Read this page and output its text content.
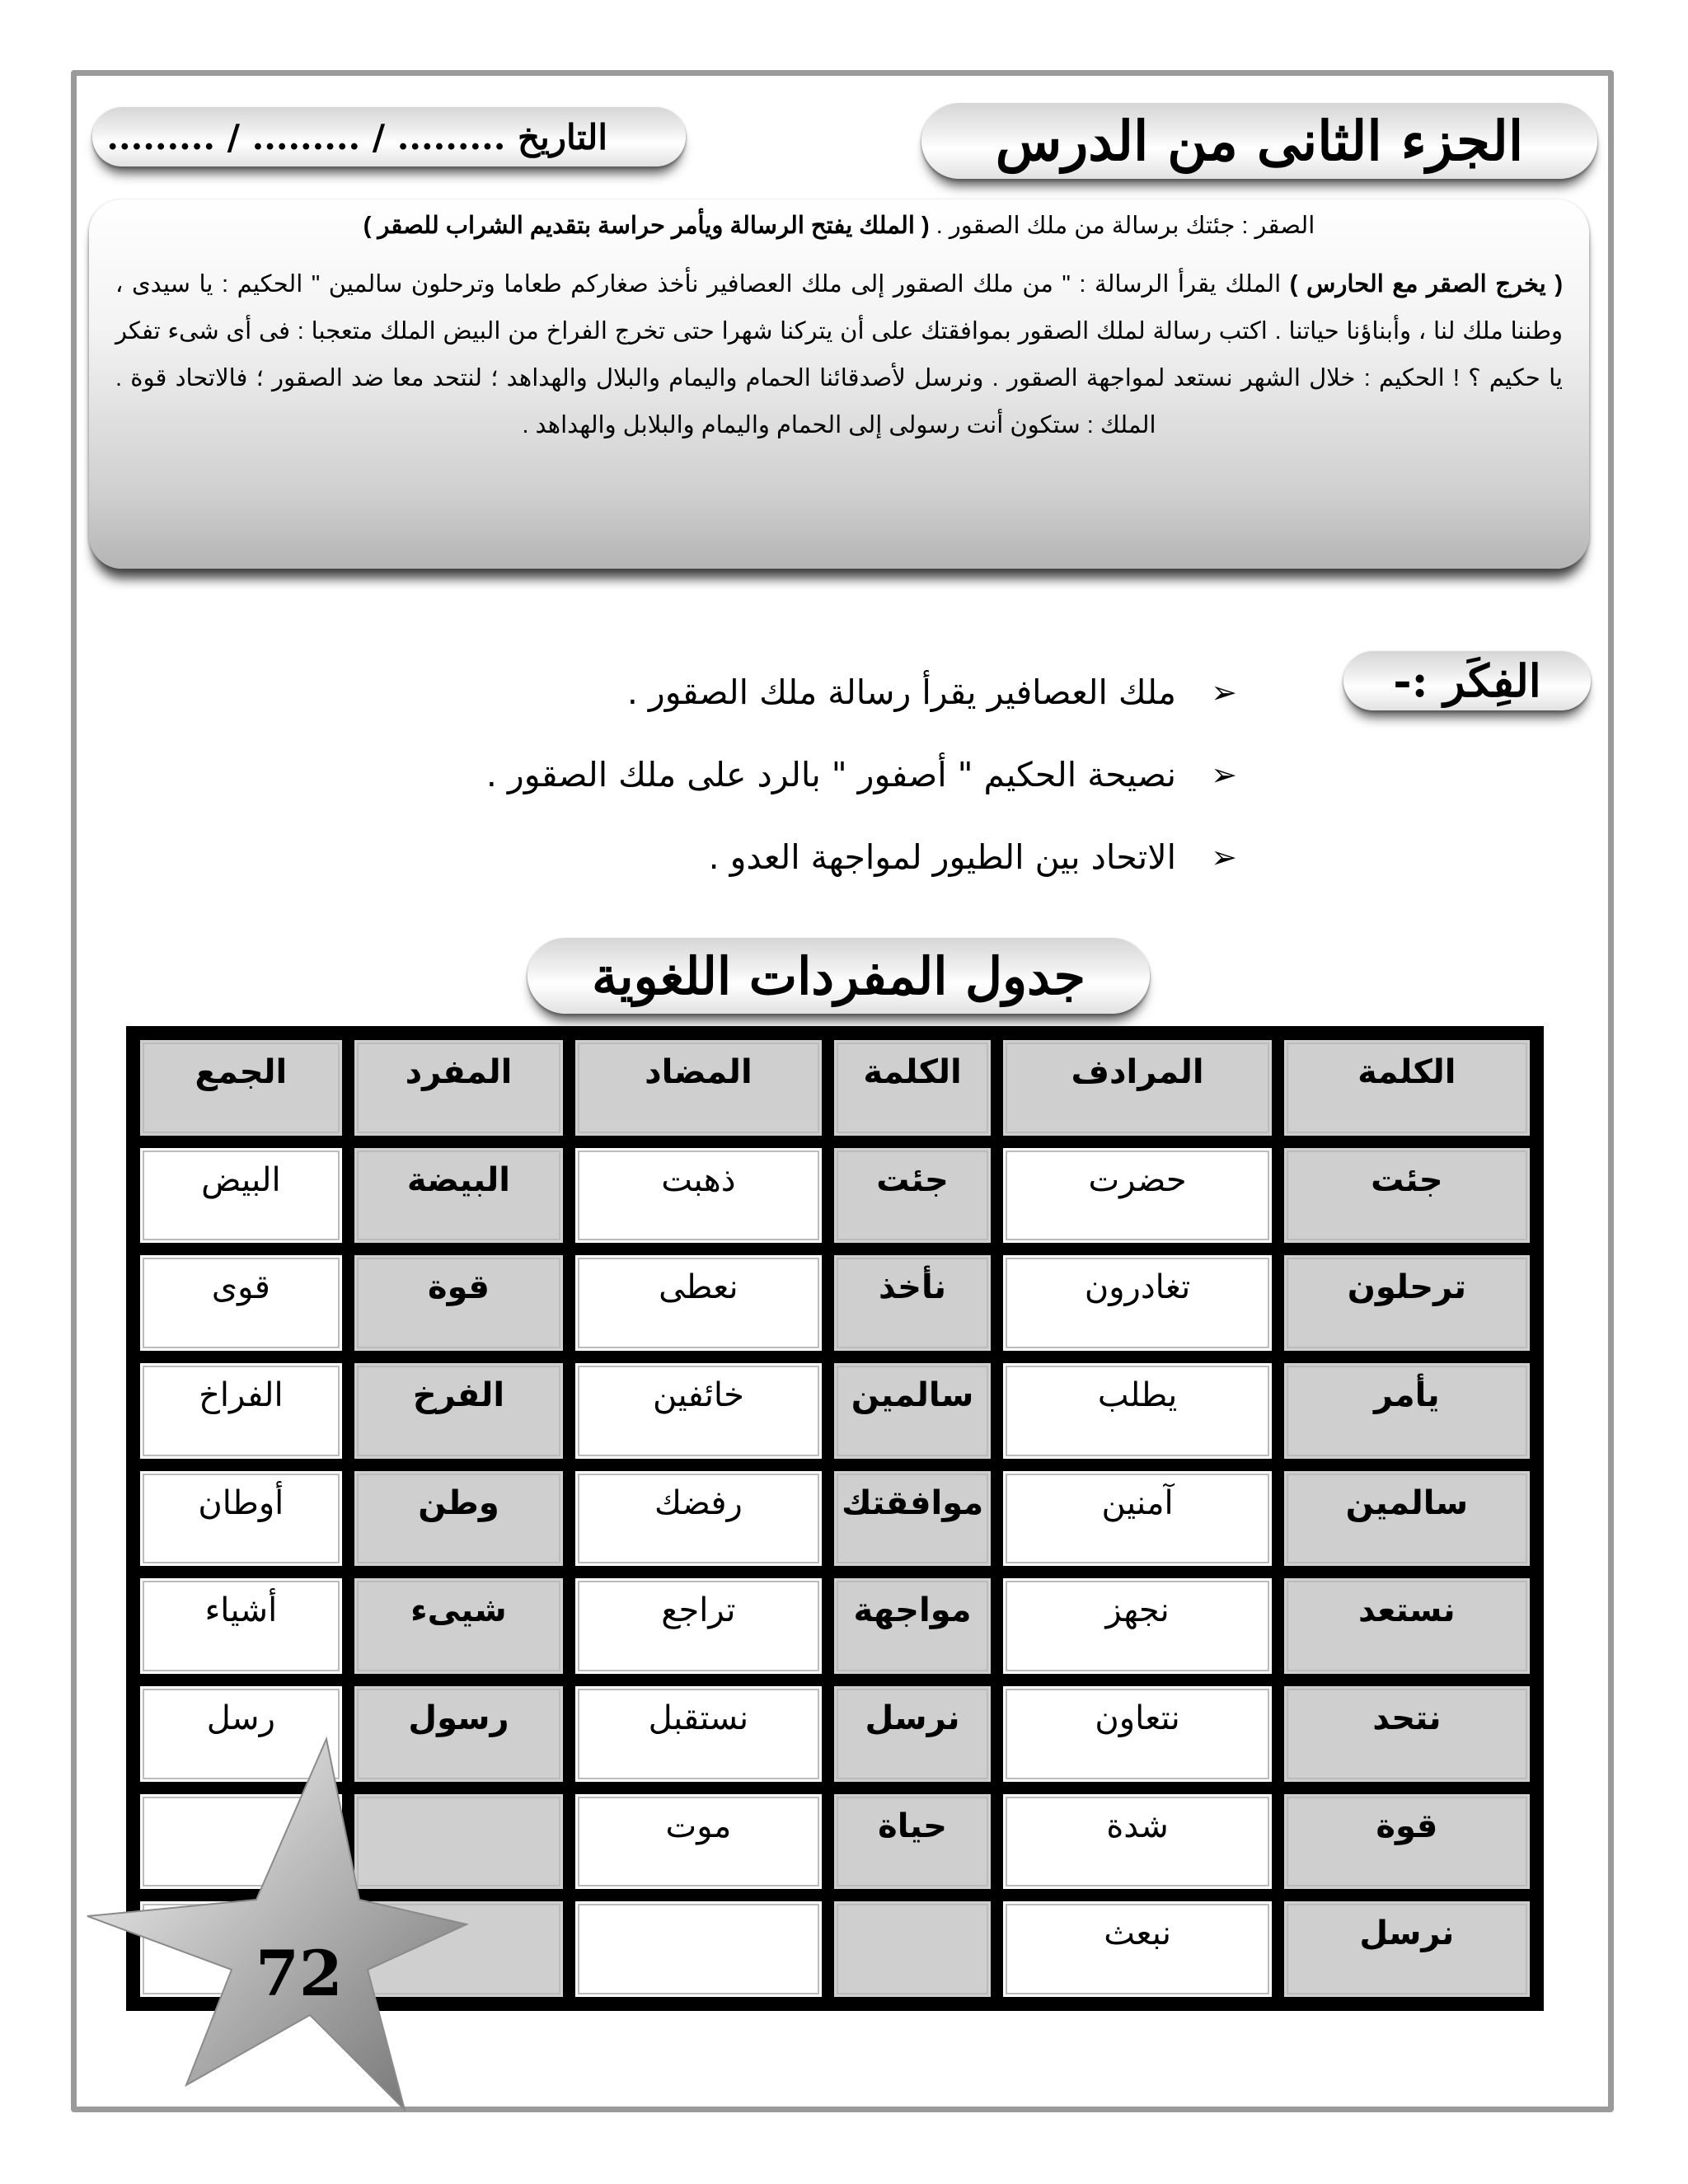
الجزء الثانى من الدرس
التاريخ ......... / ......... / .........

الصقر : جئتك برسالة من ملك الصقور . ( الملك يفتح الرسالة ويأمر حراسة بتقديم الشراب للصقر )

( يخرج الصقر مع الحارس ) الملك يقرأ الرسالة : " من ملك الصقور إلى ملك العصافير نأخذ صغاركم طعاما وترحلون سالمين " الحكيم : يا سيدى ، وطننا ملك لنا ، وأبناؤنا حياتنا . اكتب رسالة لملك الصقور بموافقتك على أن يتركنا شهرا حتى تخرج الفراخ من البيض الملك متعجبا : فى أى شىء تفكر يا حكيم ؟ ! الحكيم : خلال الشهر نستعد لمواجهة الصقور . ونرسل لأصدقائنا الحمام واليمام والبلال والهداهد ؛ لنتحد معا ضد الصقور ؛ فالاتحاد قوة . الملك : ستكون أنت رسولى إلى الحمام واليمام والبلابل والهداهد .

الفِكَر :-
➢
ملك العصافير يقرأ رسالة ملك الصقور .
➢
نصيحة الحكيم " أصفور " بالرد على ملك الصقور .
➢
الاتحاد بين الطيور لمواجهة العدو .
جدول المفردات اللغوية
الكلمة	المرادف	الكلمة	المضاد	المفرد	الجمع
جئت	حضرت	جئت	ذهبت	البيضة	البيض
ترحلون	تغادرون	نأخذ	نعطى	قوة	قوى
يأمر	يطلب	سالمين	خائفين	الفرخ	الفراخ
سالمين	آمنين	موافقتك	رفضك	وطن	أوطان
نستعد	نجهز	مواجهة	تراجع	شيىء	أشياء
نتحد	نتعاون	نرسل	نستقبل	رسول	رسل
قوة	شدة	حياة	موت		
نرسل	نبعث				
72
